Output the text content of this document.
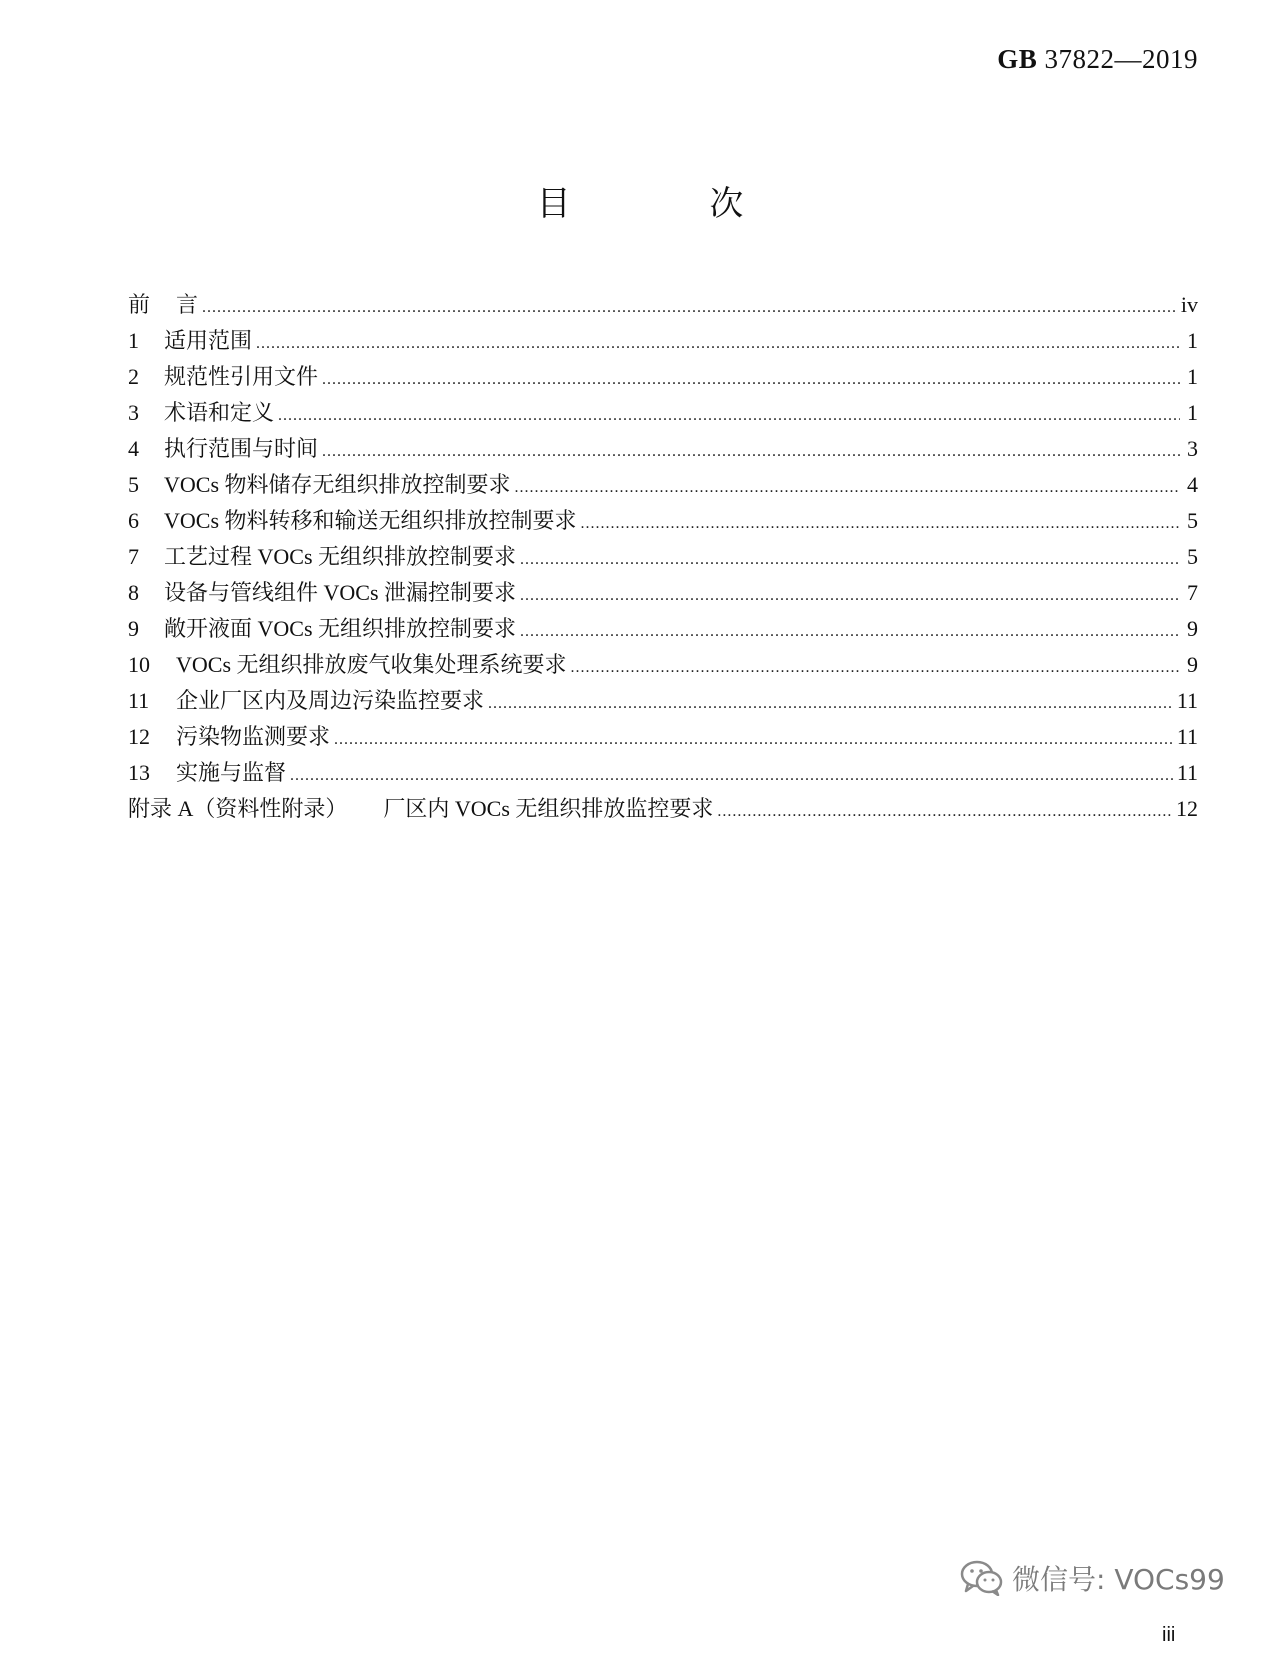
GB 37822—2019
目 次
前	言 .....	iv
1	适用范围 .....	1
2	规范性引用文件 .....	1
3	术语和定义 .....	1
4	执行范围与时间 .....	3
5	VOCs 物料储存无组织排放控制要求 .....	4
6	VOCs 物料转移和输送无组织排放控制要求 .....	5
7	工艺过程 VOCs 无组织排放控制要求 .....	5
8	设备与管线组件 VOCs 泄漏控制要求 .....	7
9	敞开液面 VOCs 无组织排放控制要求 .....	9
10	VOCs 无组织排放废气收集处理系统要求 .....	9
11	企业厂区内及周边污染监控要求 .....	11
12	污染物监测要求 .....	11
13	实施与监督 .....	11
附录 A（资料性附录） 厂区内 VOCs 无组织排放监控要求 .....	12
微信号: VOCs99
iii
